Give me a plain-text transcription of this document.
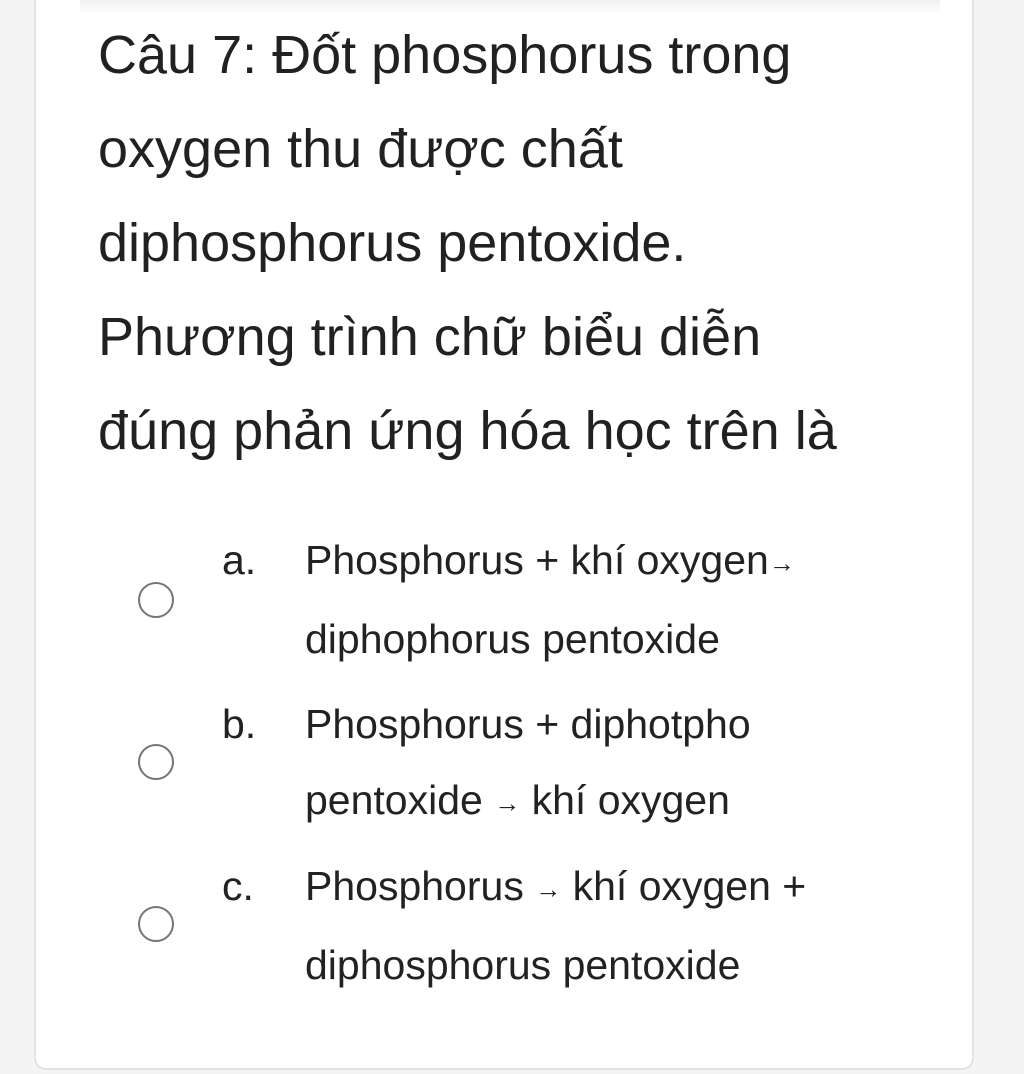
Câu 7: Đốt phosphorus trong
oxygen thu được chất
diphosphorus pentoxide.
Phương trình chữ biểu diễn
đúng phản ứng hóa học trên là
a. Phosphorus + khí oxygen→
diphophorus pentoxide
b. Phosphorus + diphotpho
pentoxide → khí oxygen
c. Phosphorus → khí oxygen +
diphosphorus pentoxide
